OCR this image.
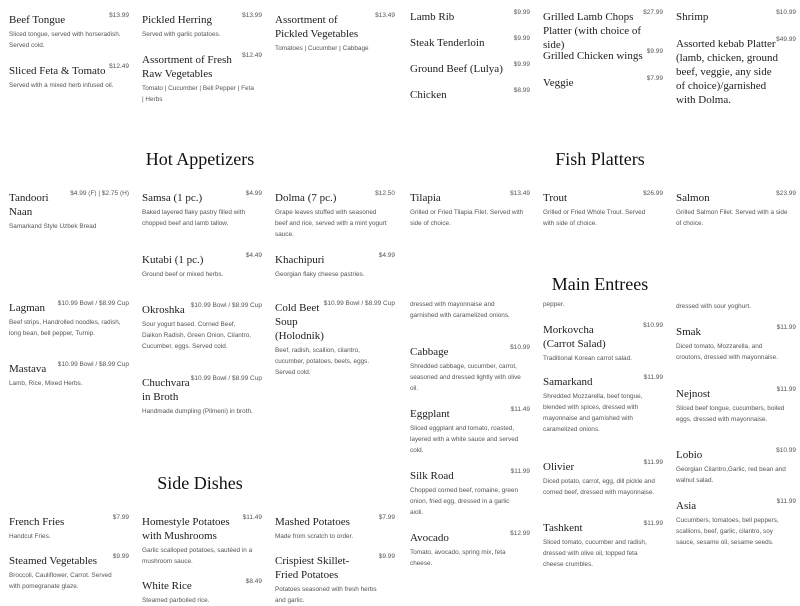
Beef Tongue	$13.99
Sliced tongue, served with horseradish. Served cold.
Sliced Feta & Tomato $12.49
Served with a mixed herb infused oil.
Pickled Herring	$13.99
Served with garlic potatoes.
Assortment of Fresh Raw Vegetables
$12.49
Tomato | Cucumber | Bell Pepper | Feta | Herbs
Assortment of Pickled Vegetables
$13.49
Tomatoes | Cucumber | Cabbage
Lamb Rib	$9.99
Steak Tenderloin	$9.99
Ground Beef (Lulya)	$9.99
Chicken	$8.99
Grilled Lamb Chops Platter (with choice of side)
$27.99
Grilled Chicken wings $9.99
Veggie	$7.99
Shrimp	$10.99
Assorted kebab Platter (lamb, chicken, ground beef, veggie, any side of choice)/garnished with Dolma.
$49.99
Hot Appetizers
Tandoori Naan
$4.99 (F) | $2.75 (H)
Samarkand Style Uzbek Bread
Samsa (1 pc.)	$4.99
Baked layered flaky pastry filled with chopped beef and lamb tallow.
Kutabi (1 pc.)	$4.49
Ground beef or mixed herbs.
Dolma (7 pc.)	$12.50
Grape leaves stuffed with seasoned beef and rice, served with a mint yogurt sauce.
Khachipuri	$4.99
Georgian flaky cheese pastries.
Lagman	$10.99 Bowl / $8.99 Cup
Beef strips, Handrolled noodles, radish, long bean, bell pepper, Turnip.
Mastava	$10.99 Bowl / $8.99 Cup
Lamb, Rice, Mixed Herbs.
Okroshka $10.99 Bowl / $8.99 Cup
Sour yogurt based. Corned Beef, Daikon Radish, Green Onion, Cilantro, Cucumber, eggs. Served cold.
Chuchvara in Broth
$10.99 Bowl / $8.99 Cup
Handmade dumpling (Pilmeni) in broth.
Cold Beet Soup (Holodnik)
$10.99 Bowl / $8.99 Cup
Beef, radish, scallion, cilantro, cucumber, potatoes, beets, eggs. Served cold.
Side Dishes
French Fries	$7.99
Handcut Fries.
Steamed Vegetables	$9.99
Broccoli, Cauliflower, Carrot. Served with pomegranate glaze.
Homestyle Potatoes with Mushrooms
$11.49
Garlic scalloped potatoes, sautéed in a mushroom sauce.
White Rice	$8.49
Steamed parboiled rice.
Mashed Potatoes	$7.99
Made from scratch to order.
Crispiest Skillet-Fried Potatoes
$9.99
Potatoes seasoned with fresh herbs and garlic.
Fish Platters
Tilapia	$13.49
Grilled or Fried Tilapia Filet. Served with side of choice.
Trout	$26.99
Grilled or Fried Whole Trout. Served with side of choice.
Salmon	$23.99
Grilled Salmon Filet. Served with a side of choice.
Main Entrees
dressed with mayonnaise and garnished with caramelized onions.
pepper.	dressed with sour yoghurt.
Cabbage	$10.99
Shredded cabbage, cucumber, carrot, seasoned and dressed lightly with olive oil.
Eggplant	$11.49
Sliced eggplant and tomato, roasted, layered with a white sauce and served cold.
Silk Road	$11.99
Chopped corned beef, romaine, green onion, fried egg, dressed in a garlic aioli.
Avocado	$12.99
Tomato, avocado, spring mix, feta cheese.
Morkovcha (Carrot Salad)
$10.99
Traditional Korean carrot salad.
Samarkand	$11.99
Shredded Mozzarella, beef tongue, blended with spices, dressed with mayonnaise and garnished with caramelized onions.
Olivier	$11.99
Diced potato, carrot, egg, dill pickle and corned beef, dressed with mayonnaise.
Tashkent	$11.99
Sliced tomato, cucumber and radish, dressed with olive oil, topped feta cheese crumbles.
Smak	$11.99
Diced tomato, Mozzarella, and croutons, dressed with mayonnaise.
Nejnost	$11.99
Sliced beef tongue, cucumbers, boiled eggs, dressed with mayonnaise.
Lobio	$10.99
Georgian Cilantro,Garlic, red bean and walnut salad.
Asia	$11.99
Cucumbers, tomatoes, bell peppers, scallions, beef, garlic, cilantro, soy sauce, sesame oil, sesame seeds.
